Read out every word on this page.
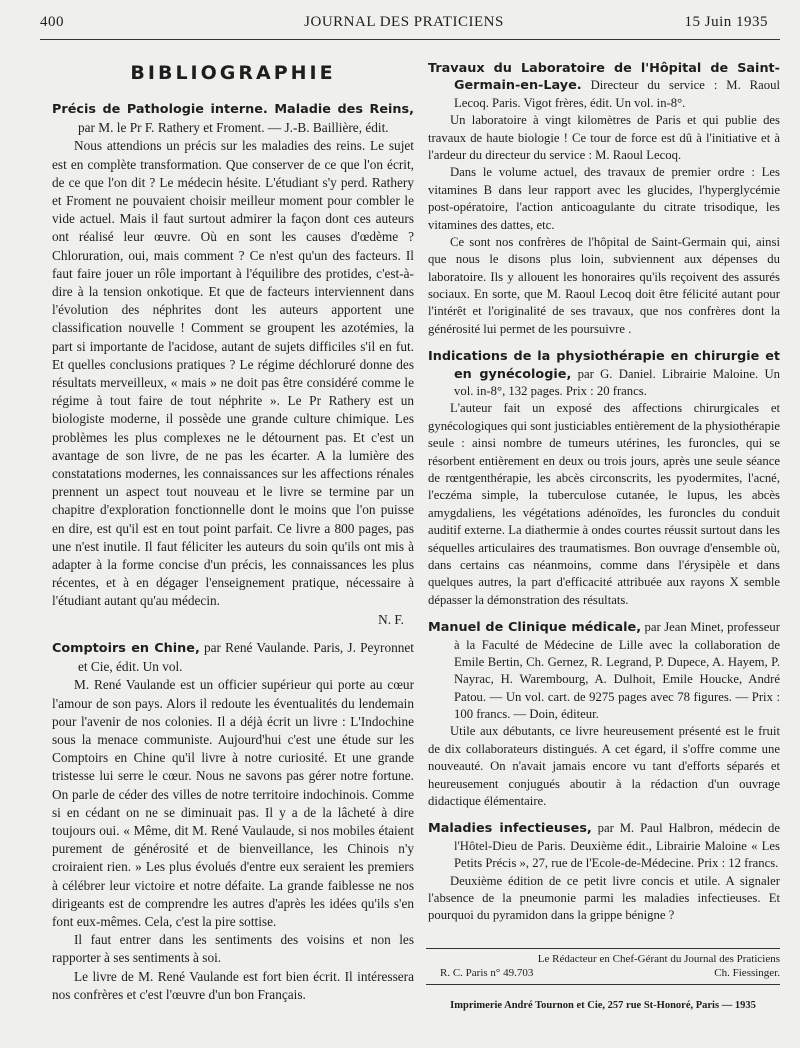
400	JOURNAL DES PRATICIENS	15 Juin 1935
BIBLIOGRAPHIE

Précis de Pathologie interne. Maladie des Reins, par M. le Pr F. Rathery et Froment. — J.-B. Baillière, édit.

Nous attendions un précis sur les maladies des reins. Le sujet est en complète transformation. Que conserver de ce que l'on écrit, de ce que l'on dit ? Le médecin hésite. L'étudiant s'y perd. Rathery et Froment ne pouvaient choisir meilleur moment pour combler le vide actuel. Mais il faut surtout admirer la façon dont ces auteurs ont réalisé leur œuvre. Où en sont les causes d'œdème ? Chloruration, oui, mais comment ? Ce n'est qu'un des facteurs. Il faut faire jouer un rôle important à l'équilibre des protides, c'est-à-dire à la tension onkotique. Et que de facteurs interviennent dans l'évolution des néphrites dont les auteurs apportent une classification nouvelle ! Comment se groupent les azotémies, la part si importante de l'acidose, autant de sujets difficiles s'il en fut. Et quelles conclusions pratiques ? Le régime déchloruré donne des résultats merveilleux, « mais » ne doit pas être considéré comme le régime à tout faire de tout néphrite ». Le Pr Rathery est un biologiste moderne, il possède une grande culture chimique. Les problèmes les plus complexes ne le détournent pas. Et c'est un avantage de son livre, de ne pas les écarter. A la lumière des constatations modernes, les connaissances sur les affections rénales prennent un aspect tout nouveau et le livre se termine par un chapitre d'exploration fonctionnelle dont le moins que l'on puisse en dire, est qu'il est en tout point parfait. Ce livre a 800 pages, pas une n'est inutile. Il faut féliciter les auteurs du soin qu'ils ont mis à adapter à la forme concise d'un précis, les connaissances les plus récentes, et à en dégager l'enseignement pratique, nécessaire à l'étudiant autant qu'au médecin.

N. F.

Comptoirs en Chine, par René Vaulande. Paris, J. Peyronnet et Cie, édit. Un vol.

M. René Vaulande est un officier supérieur qui porte au cœur l'amour de son pays. Alors il redoute les éventualités du lendemain pour l'avenir de nos colonies. Il a déjà écrit un livre : L'Indochine sous la menace communiste. Aujourd'hui c'est une étude sur les Comptoirs en Chine qu'il livre à notre curiosité. Et une grande tristesse lui serre le cœur. Nous ne savons pas gérer notre fortune. On parle de céder des villes de notre territoire indochinois. Comme si en cédant on ne se diminuait pas. Il y a de la lâcheté à dire toujours oui. « Même, dit M. René Vaulaude, si nos mobiles étaient purement de générosité et de bienveillance, les Chinois n'y croiraient rien. » Les plus évolués d'entre eux seraient les premiers à célébrer leur victoire et notre défaite. La grande faiblesse ne nos dirigeants est de comprendre les autres d'après les idées qu'ils s'en font eux-mêmes. Cela, c'est la pire sottise.

Il faut entrer dans les sentiments des voisins et non les rapporter à ses sentiments à soi.

Le livre de M. René Vaulande est fort bien écrit. Il intéressera nos confrères et c'est l'œuvre d'un bon Français.

Travaux du Laboratoire de l'Hôpital de Saint-Germain-en-Laye. Directeur du service : M. Raoul Lecoq. Paris. Vigot frères, édit. Un vol. in-8°.

Un laboratoire à vingt kilomètres de Paris et qui publie des travaux de haute biologie ! Ce tour de force est dû à l'initiative et à l'ardeur du directeur du service : M. Raoul Lecoq.

Dans le volume actuel, des travaux de premier ordre : Les vitamines B dans leur rapport avec les glucides, l'hyperglycémie post-opératoire, l'action anticoagulante du citrate trisodique, les vitamines des dattes, etc.

Ce sont nos confrères de l'hôpital de Saint-Germain qui, ainsi que nous le disons plus loin, subviennent aux dépenses du laboratoire. Ils y allouent les honoraires qu'ils reçoivent des assurés sociaux. En sorte, que M. Raoul Lecoq doit être félicité autant pour l'intérêt et l'originalité de ses travaux, que nos confrères dont la générosité lui permet de les poursuivre .

Indications de la physiothérapie en chirurgie et en gynécologie, par G. Daniel. Librairie Maloine. Un vol. in-8°, 132 pages. Prix : 20 francs.

L'auteur fait un exposé des affections chirurgicales et gynécologiques qui sont justiciables entièrement de la physiothérapie seule : ainsi nombre de tumeurs utérines, les furoncles, qui se résorbent entièrement en deux ou trois jours, après une seule séance de rœntgenthérapie, les abcès circonscrits, les pyodermites, l'acné, l'eczéma simple, la tuberculose cutanée, le lupus, les abcès amygdaliens, les végétations adénoïdes, les furoncles du conduit auditif externe. La diathermie à ondes courtes réussit surtout dans les séquelles articulaires des traumatismes. Bon ouvrage d'ensemble où, dans certains cas néanmoins, comme dans l'érysipèle et dans quelques autres, la part d'efficacité attribuée aux rayons X semble dépasser la démonstration des résultats.

Manuel de Clinique médicale, par Jean Minet, professeur à la Faculté de Médecine de Lille avec la collaboration de Emile Bertin, Ch. Gernez, R. Legrand, P. Dupece, A. Hayem, P. Nayrac, H. Warembourg, A. Dulhoit, Emile Houcke, André Patou. — Un vol. cart. de 9275 pages avec 78 figures. — Prix : 100 francs. — Doin, éditeur.

Utile aux débutants, ce livre heureusement présenté est le fruit de dix collaborateurs distingués. A cet égard, il s'offre comme une nouveauté. On n'avait jamais encore vu tant d'efforts séparés et heureusement conjugués aboutir à la rédaction d'un ouvrage didactique élémentaire.

Maladies infectieuses, par M. Paul Halbron, médecin de l'Hôtel-Dieu de Paris. Deuxième édit., Librairie Maloine « Les Petits Précis », 27, rue de l'Ecole-de-Médecine. Prix : 12 francs.

Deuxième édition de ce petit livre concis et utile. A signaler l'absence de la pneumonie parmi les maladies infectieuses. Et pourquoi du pyramidon dans la grippe bénigne ?

Le Rédacteur en Chef-Gérant du Journal des Praticiens
R. C. Paris n° 49.703	Ch. Fiessinger.
Imprimerie André Tournon et Cie, 257 rue St-Honoré, Paris — 1935
